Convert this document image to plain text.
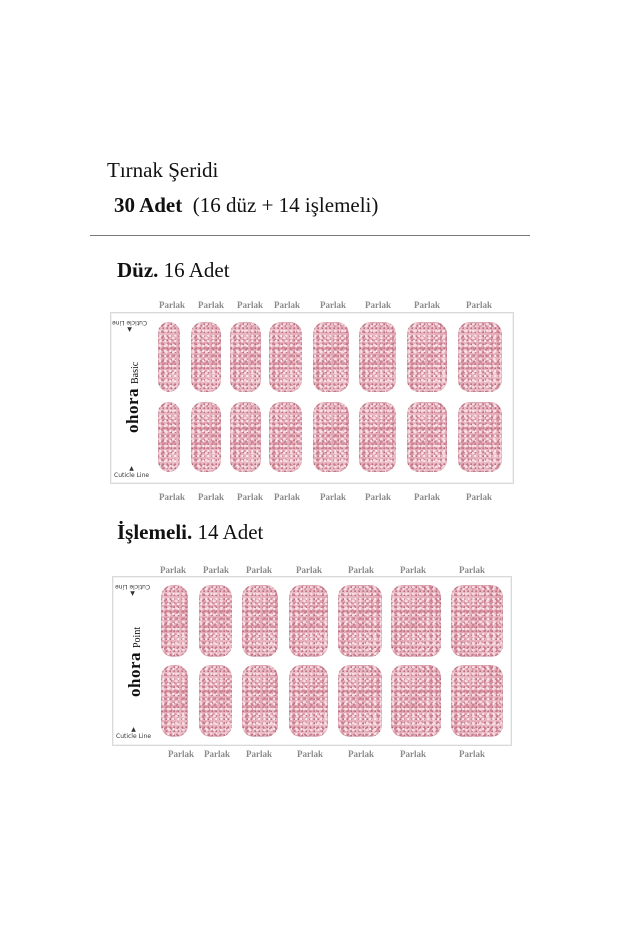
Tırnak Şeridi
30 Adet (16 düz + 14 işlemeli)
Düz. 16 Adet
Parlak Parlak Parlak Parlak Parlak Parlak	Parlak	Parlak
▲
Cuticle Line
ohoraBasic
▲
Cuticle Line
Parlak Parlak Parlak Parlak Parlak Parlak	Parlak	Parlak
İşlemeli. 14 Adet
Parlak Parlak Parlak	Parlak	Parlak	Parlak	Parlak
▲
Cuticle Line
ohoraPoint
▲
Cuticle Line
Parlak Parlak Parlak	Parlak	Parlak	Parlak	Parlak
